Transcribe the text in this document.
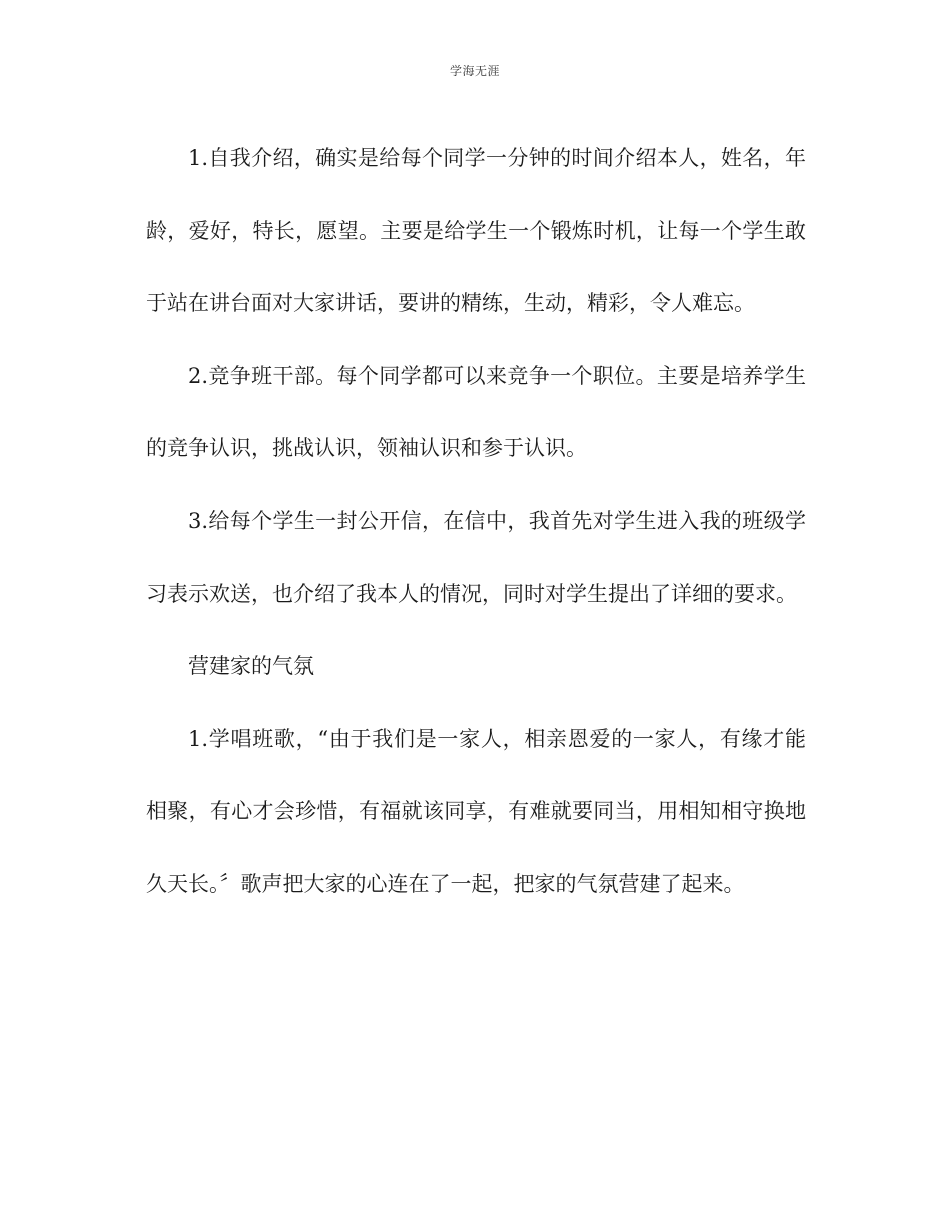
学海无涯

1.自我介绍，确实是给每个同学一分钟的时间介绍本人，姓名，年龄，爱好，特长，愿望。主要是给学生一个锻炼时机，让每一个学生敢于站在讲台面对大家讲话，要讲的精练，生动，精彩，令人难忘。

2.竞争班干部。每个同学都可以来竞争一个职位。主要是培养学生的竞争认识，挑战认识，领袖认识和参于认识。

3.给每个学生一封公开信，在信中，我首先对学生进入我的班级学习表示欢送，也介绍了我本人的情况，同时对学生提出了详细的要求。

营建家的气氛

1.学唱班歌，“由于我们是一家人，相亲恩爱的一家人，有缘才能相聚，有心才会珍惜，有福就该同享，有难就要同当，用相知相守换地久天长。〞歌声把大家的心连在了一起，把家的气氛营建了起来。
